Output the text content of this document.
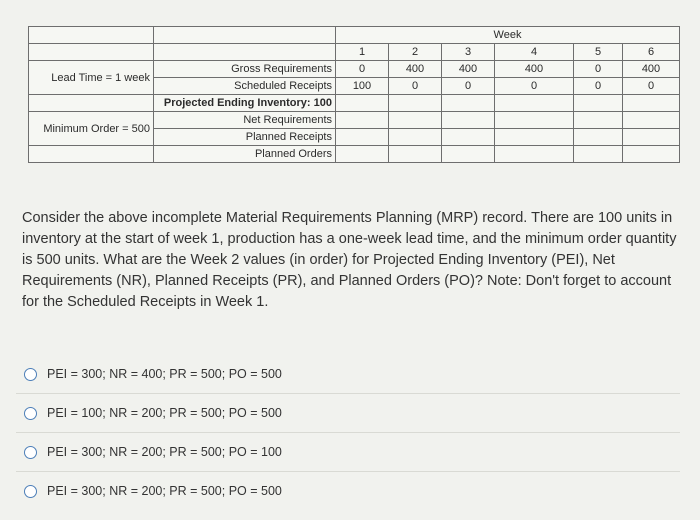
		Week					
		1	2	3	4	5	6
Lead Time = 1 week	Gross Requirements	0	400	400	400	0	400
	Scheduled Receipts	100	0	0	0	0	0
	Projected Ending Inventory: 100						
Minimum Order = 500	Net Requirements						
	Planned Receipts						
	Planned Orders						
Consider the above incomplete Material Requirements Planning (MRP) record. There are 100 units in inventory at the start of week 1, production has a one-week lead time, and the minimum order quantity is 500 units. What are the Week 2 values (in order) for Projected Ending Inventory (PEI), Net Requirements (NR), Planned Receipts (PR), and Planned Orders (PO)? Note: Don't forget to account for the Scheduled Receipts in Week 1.
PEI = 300; NR = 400; PR = 500; PO = 500
PEI = 100; NR = 200; PR = 500; PO = 500
PEI = 300; NR = 200; PR = 500; PO = 100
PEI = 300; NR = 200; PR = 500; PO = 500
